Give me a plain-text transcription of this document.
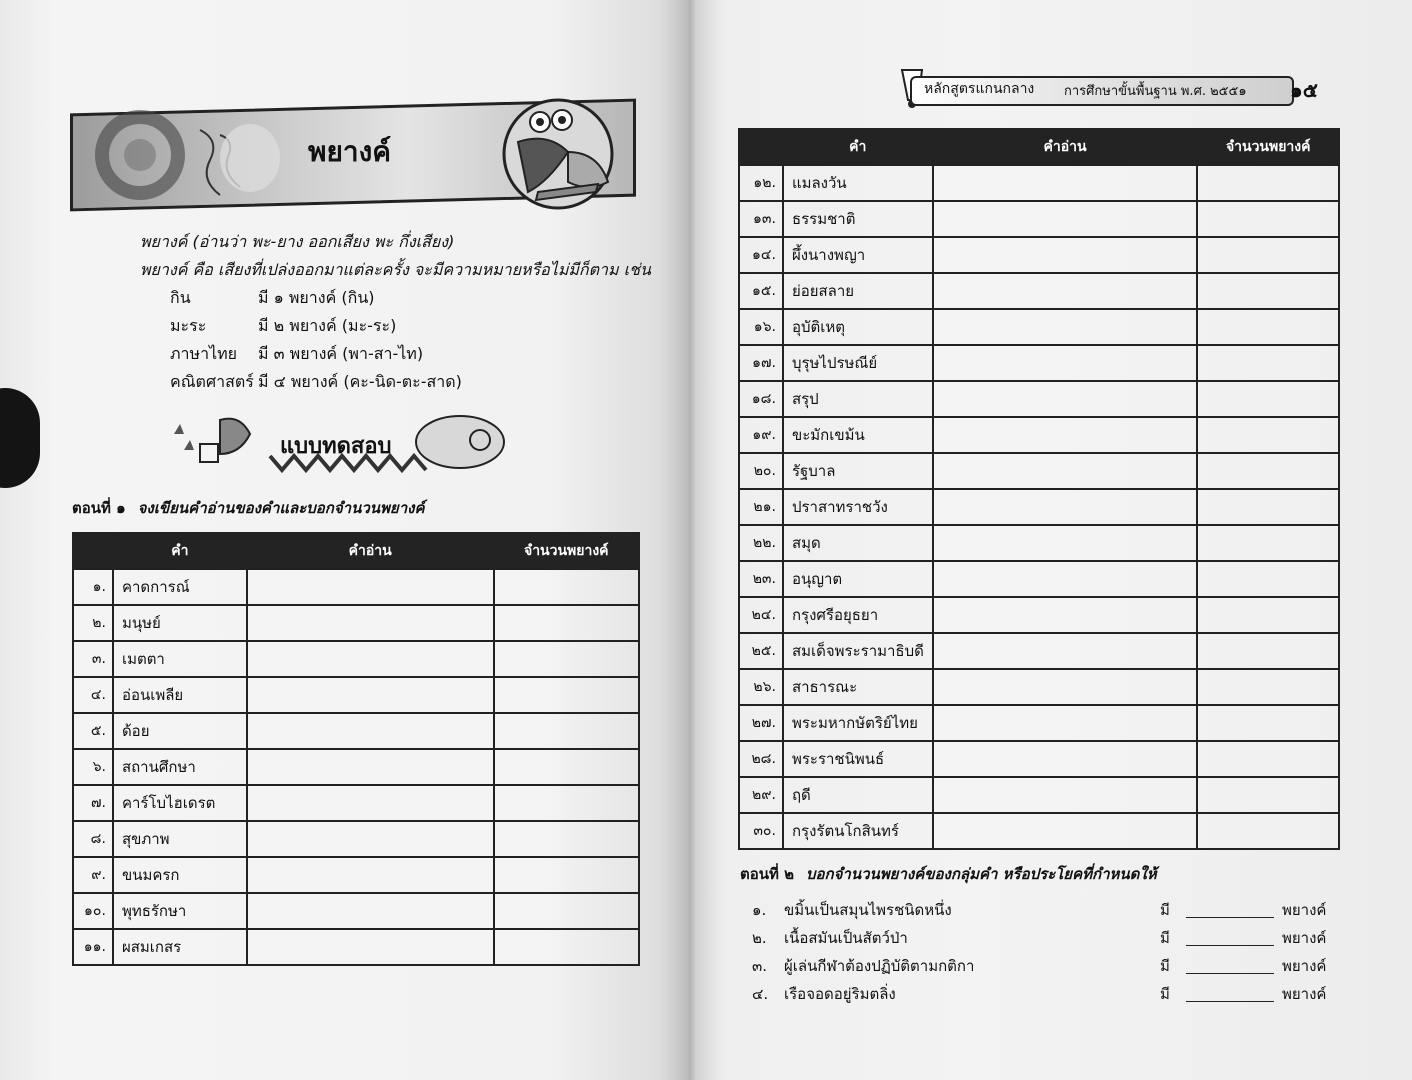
พยางค์
พยางค์ (อ่านว่า พะ-ยาง ออกเสียง พะ กึ่งเสียง)
พยางค์ คือ เสียงที่เปล่งออกมาแต่ละครั้ง จะมีความหมายหรือไม่มีก็ตาม เช่น
กิน	มี ๑ พยางค์ (กิน)
มะระ	มี ๒ พยางค์ (มะ-ระ)
ภาษาไทย	มี ๓ พยางค์ (พา-สา-ไท)
คณิตศาสตร์ มี ๔ พยางค์ (คะ-นิด-ตะ-สาด)
แบบทดสอบ
ตอนที่ ๑ จงเขียนคำอ่านของคำและบอกจำนวนพยางค์
	คำ	คำอ่าน	จำนวนพยางค์
๑.	คาดการณ์		
๒.	มนุษย์		
๓.	เมตตา		
๔.	อ่อนเพลีย		
๕.	ด้อย		
๖.	สถานศึกษา		
๗.	คาร์โบไฮเดรต		
๘.	สุขภาพ		
๙.	ขนมครก		
๑๐.	พุทธรักษา		
๑๑.	ผสมเกสร		
หลักสูตรแกนกลาง การศึกษาขั้นพื้นฐาน พ.ศ. ๒๕๕๑ ๑๕
	คำ	คำอ่าน	จำนวนพยางค์
๑๒.	แมลงวัน		
๑๓.	ธรรมชาติ		
๑๔.	ผึ้งนางพญา		
๑๕.	ย่อยสลาย		
๑๖.	อุบัติเหตุ		
๑๗.	บุรุษไปรษณีย์		
๑๘.	สรุป		
๑๙.	ขะมักเขม้น		
๒๐.	รัฐบาล		
๒๑.	ปราสาทราชวัง		
๒๒.	สมุด		
๒๓.	อนุญาต		
๒๔.	กรุงศรีอยุธยา		
๒๕.	สมเด็จพระรามาธิบดี		
๒๖.	สาธารณะ		
๒๗.	พระมหากษัตริย์ไทย		
๒๘.	พระราชนิพนธ์		
๒๙.	ฤดี		
๓๐.	กรุงรัตนโกสินทร์		
ตอนที่ ๒ บอกจำนวนพยางค์ของกลุ่มคำ หรือประโยคที่กำหนดให้
๑.	ขมิ้นเป็นสมุนไพรชนิดหนึ่ง	มี	พยางค์
๒.	เนื้อสมันเป็นสัตว์ป่า	มี	พยางค์
๓.	ผู้เล่นกีฬาต้องปฏิบัติตามกติกา	มี	พยางค์
๔.	เรือจอดอยู่ริมตลิ่ง	มี	พยางค์
